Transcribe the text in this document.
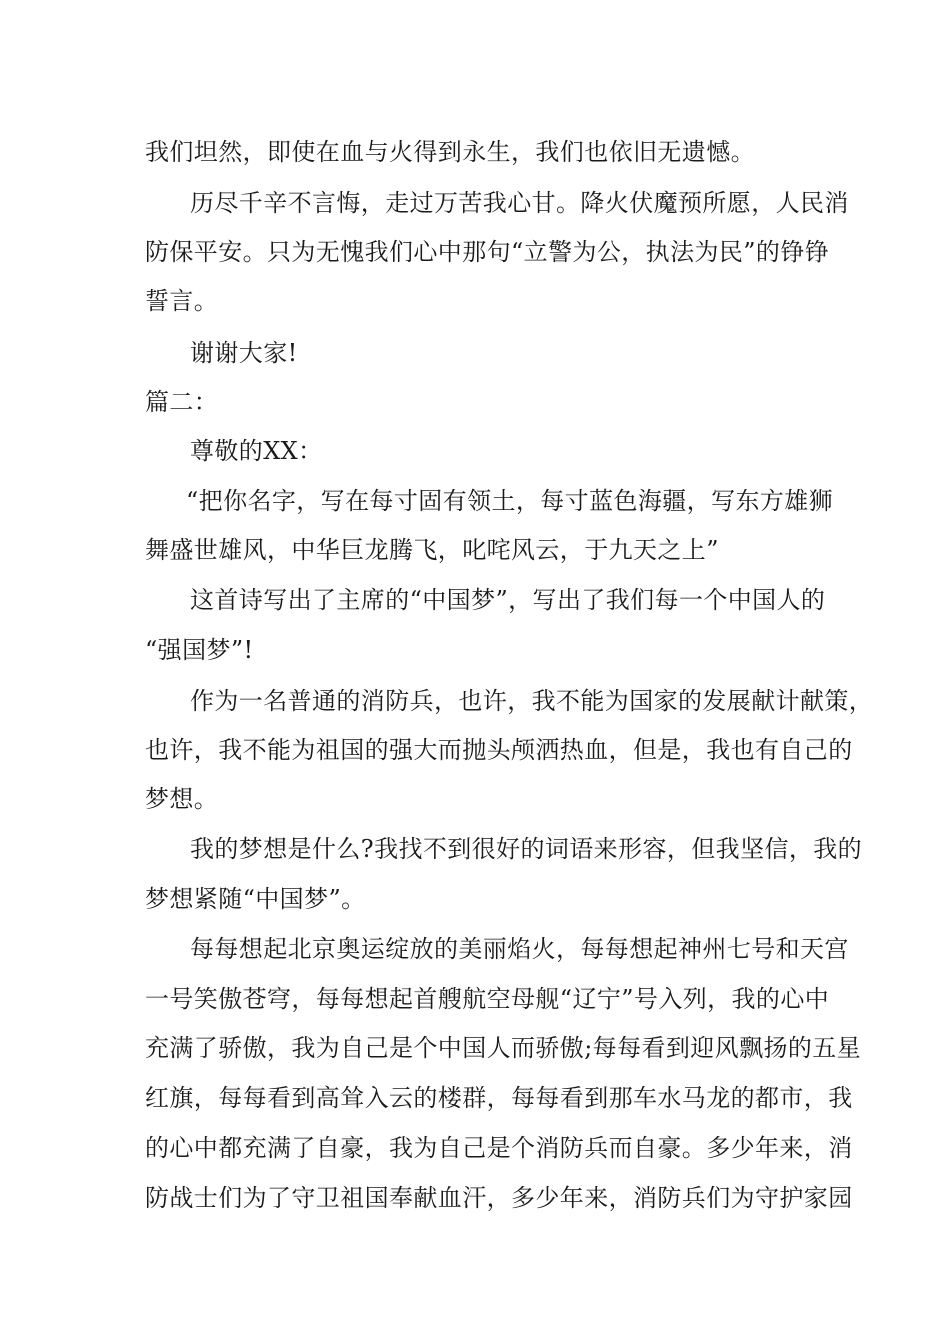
我们坦然，即使在血与火得到永生，我们也依旧无遗憾。
历尽千辛不言悔，走过万苦我心甘。降火伏魔预所愿，人民消
防保平安。只为无愧我们心中那句“立警为公，执法为民”的铮铮
誓言。
谢谢大家!
篇二：
尊敬的XX：
“把你名字，写在每寸固有领土，每寸蓝色海疆，写东方雄狮
舞盛世雄风，中华巨龙腾飞，叱咤风云，于九天之上”
这首诗写出了主席的“中国梦”，写出了我们每一个中国人的
“强国梦”!
作为一名普通的消防兵，也许，我不能为国家的发展献计献策，
也许，我不能为祖国的强大而抛头颅洒热血，但是，我也有自己的
梦想。
我的梦想是什么?我找不到很好的词语来形容，但我坚信，我的
梦想紧随“中国梦”。
每每想起北京奥运绽放的美丽焰火，每每想起神州七号和天宫
一号笑傲苍穹，每每想起首艘航空母舰“辽宁”号入列，我的心中
充满了骄傲，我为自己是个中国人而骄傲;每每看到迎风飘扬的五星
红旗，每每看到高耸入云的楼群，每每看到那车水马龙的都市，我
的心中都充满了自豪，我为自己是个消防兵而自豪。多少年来，消
防战士们为了守卫祖国奉献血汗，多少年来，消防兵们为守护家园
